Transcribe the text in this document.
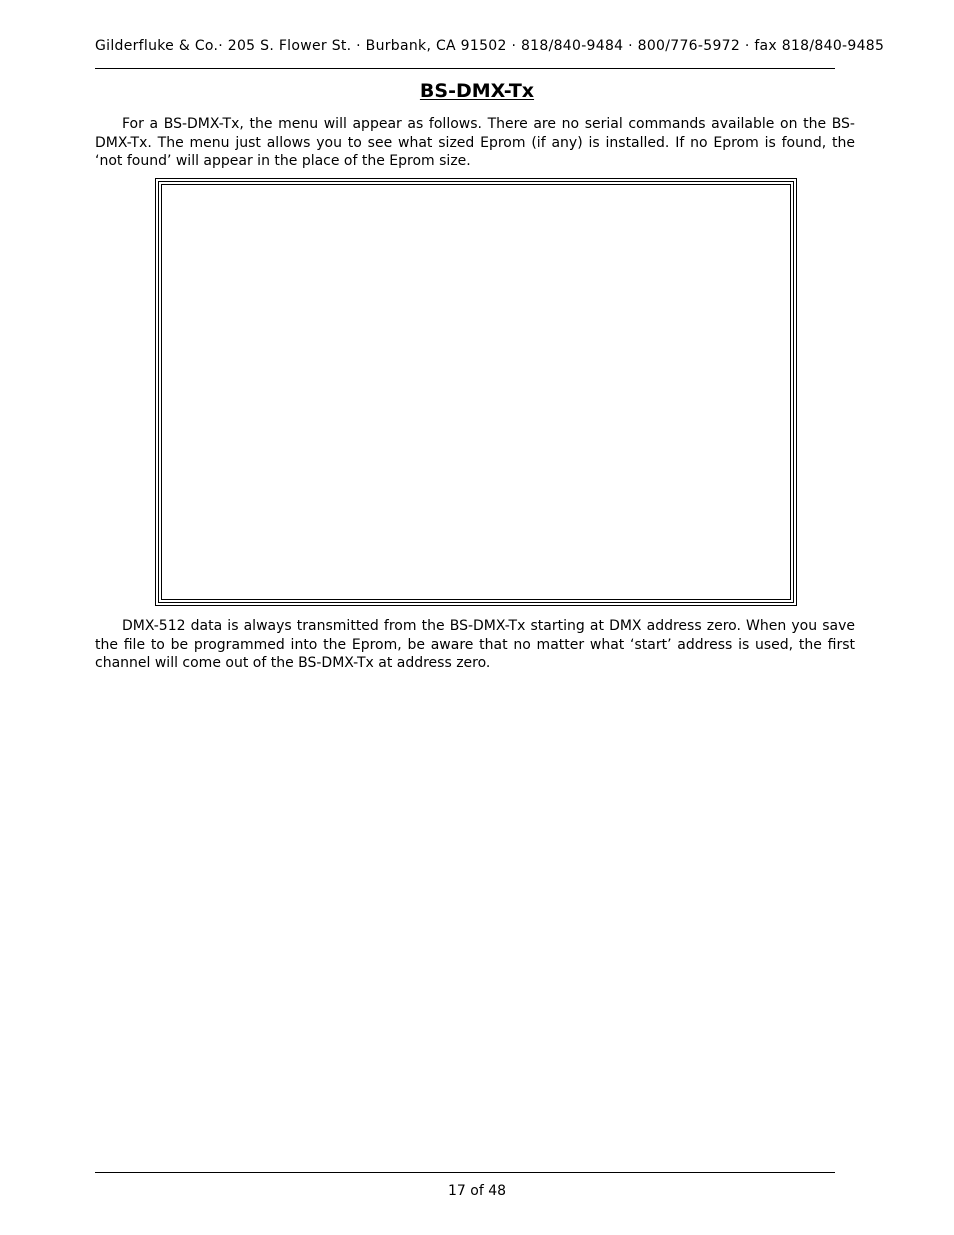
Gilderfluke & Co.· 205 S. Flower St. · Burbank, CA 91502 · 818/840-9484 · 800/776-5972 · fax 818/840-9485
BS-DMX-Tx

For a BS-DMX-Tx, the menu will appear as follows. There are no serial commands available on the BS-DMX-Tx. The menu just allows you to see what sized Eprom (if any) is installed. If no Eprom is found, the ‘not found’ will appear in the place of the Eprom size.

DMX-512 data is always transmitted from the BS-DMX-Tx starting at DMX address zero. When you save the file to be programmed into the Eprom, be aware that no matter what ‘start’ address is used, the first channel will come out of the BS-DMX-Tx at address zero.

17 of 48
